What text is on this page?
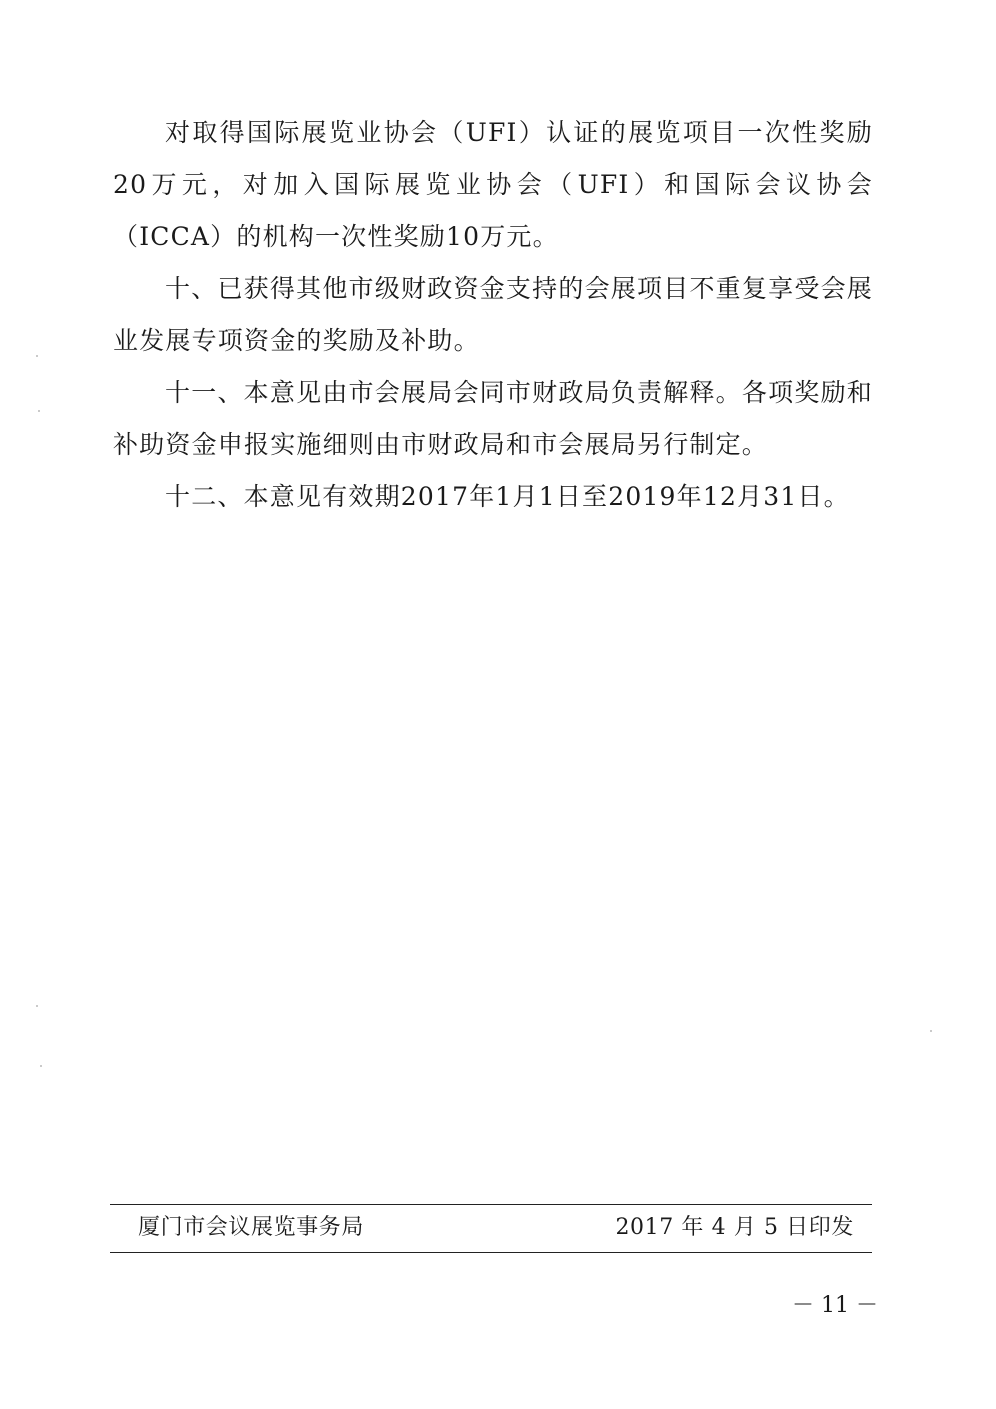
对取得国际展览业协会（UFI）认证的展览项目一次性奖励20万元，对加入国际展览业协会（UFI）和国际会议协会（ICCA）的机构一次性奖励10万元。

十、已获得其他市级财政资金支持的会展项目不重复享受会展业发展专项资金的奖励及补助。

十一、本意见由市会展局会同市财政局负责解释。各项奖励和补助资金申报实施细则由市财政局和市会展局另行制定。

十二、本意见有效期2017年1月1日至2019年12月31日。

厦门市会议展览事务局	2017 年 4 月 5 日印发
－ 11 －
